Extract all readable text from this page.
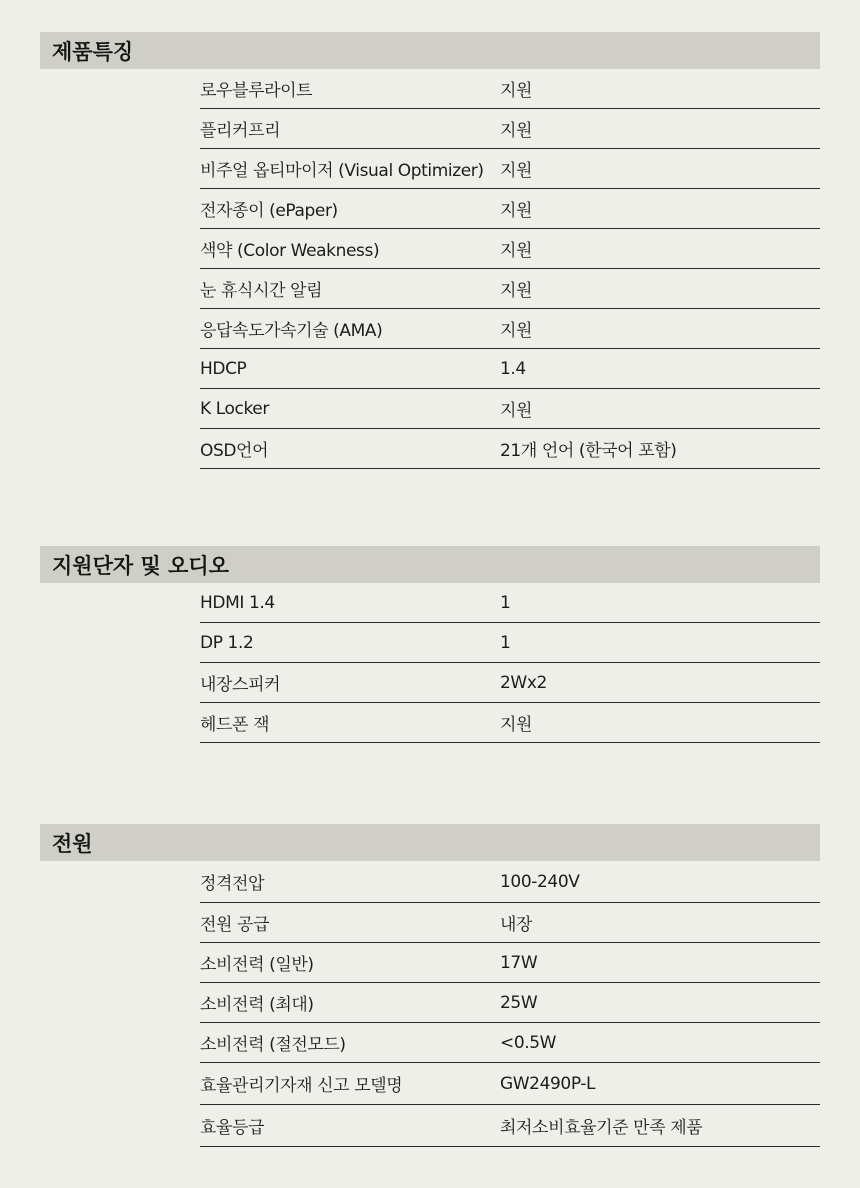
제품특징
로우블루라이트	지원
플리커프리	지원
비주얼 옵티마이저 (Visual Optimizer) 지원
전자종이 (ePaper)	지원
색약 (Color Weakness)	지원
눈 휴식시간 알림	지원
응답속도가속기술 (AMA)	지원
HDCP	1.4
K Locker	지원
OSD언어	21개 언어 (한국어 포함)
지원단자 및 오디오
HDMI 1.4	1
DP 1.2	1
내장스피커	2Wx2
헤드폰 잭	지원
전원
정격전압	100-240V
전원 공급	내장
소비전력 (일반)	17W
소비전력 (최대)	25W
소비전력 (절전모드)	<0.5W
효율관리기자재 신고 모델명	GW2490P-L
효율등급	최저소비효율기준 만족 제품
